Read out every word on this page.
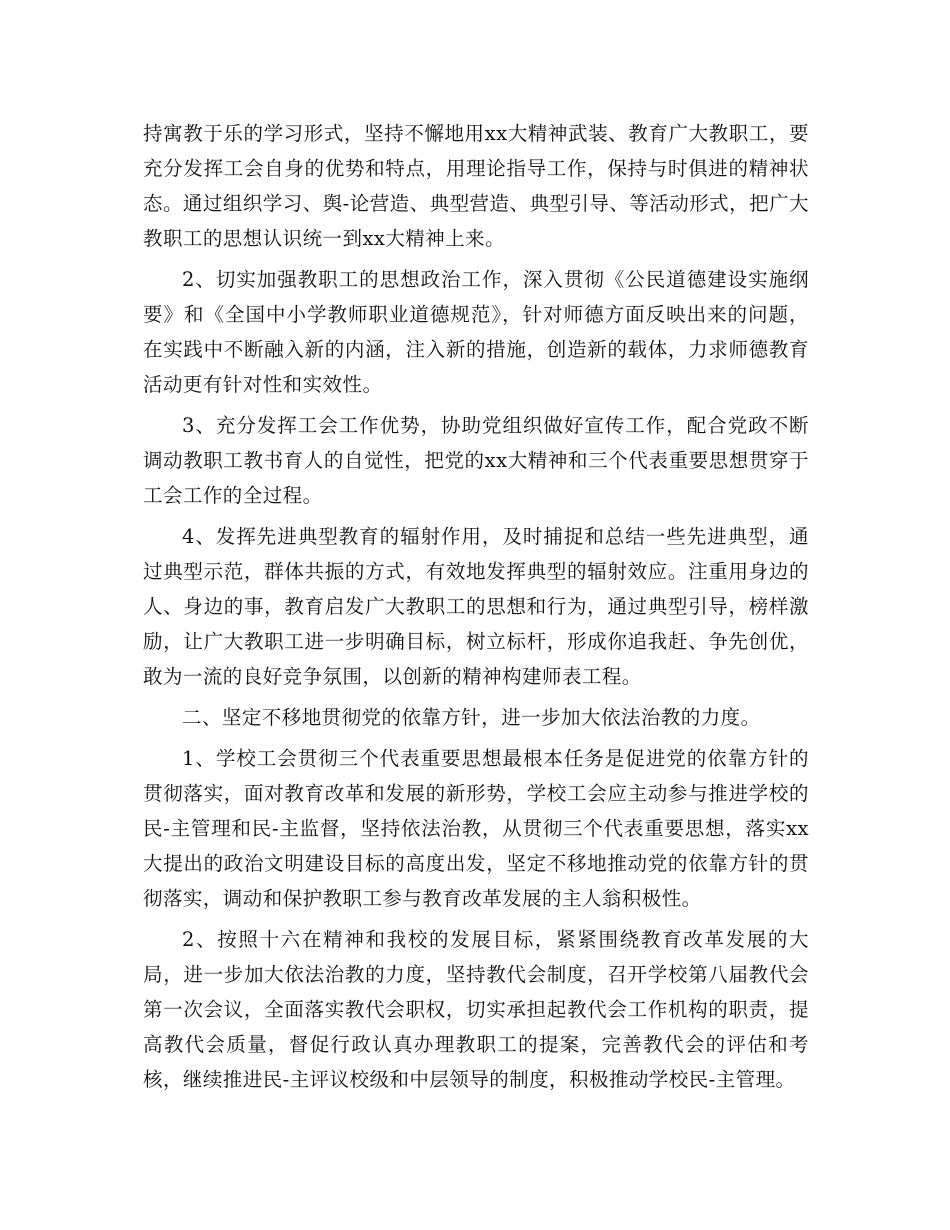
持寓教于乐的学习形式，坚持不懈地用xx大精神武装、教育广大教职工，要充分发挥工会自身的优势和特点，用理论指导工作，保持与时俱进的精神状态。通过组织学习、舆-论营造、典型营造、典型引导、等活动形式，把广大教职工的思想认识统一到xx大精神上来。

2、切实加强教职工的思想政治工作，深入贯彻《公民道德建设实施纲要》和《全国中小学教师职业道德规范》，针对师德方面反映出来的问题，在实践中不断融入新的内涵，注入新的措施，创造新的载体，力求师德教育活动更有针对性和实效性。

3、充分发挥工会工作优势，协助党组织做好宣传工作，配合党政不断调动教职工教书育人的自觉性，把党的xx大精神和三个代表重要思想贯穿于工会工作的全过程。

4、发挥先进典型教育的辐射作用，及时捕捉和总结一些先进典型，通过典型示范，群体共振的方式，有效地发挥典型的辐射效应。注重用身边的人、身边的事，教育启发广大教职工的思想和行为，通过典型引导，榜样激励，让广大教职工进一步明确目标，树立标杆，形成你追我赶、争先创优，敢为一流的良好竞争氛围，以创新的精神构建师表工程。

二、坚定不移地贯彻党的依靠方针，进一步加大依法治教的力度。

1、学校工会贯彻三个代表重要思想最根本任务是促进党的依靠方针的贯彻落实，面对教育改革和发展的新形势，学校工会应主动参与推进学校的民-主管理和民-主监督，坚持依法治教，从贯彻三个代表重要思想，落实xx大提出的政治文明建设目标的高度出发，坚定不移地推动党的依靠方针的贯彻落实，调动和保护教职工参与教育改革发展的主人翁积极性。

2、按照十六在精神和我校的发展目标，紧紧围绕教育改革发展的大局，进一步加大依法治教的力度，坚持教代会制度，召开学校第八届教代会第一次会议，全面落实教代会职权，切实承担起教代会工作机构的职责，提高教代会质量，督促行政认真办理教职工的提案，完善教代会的评估和考核，继续推进民-主评议校级和中层领导的制度，积极推动学校民-主管理。
